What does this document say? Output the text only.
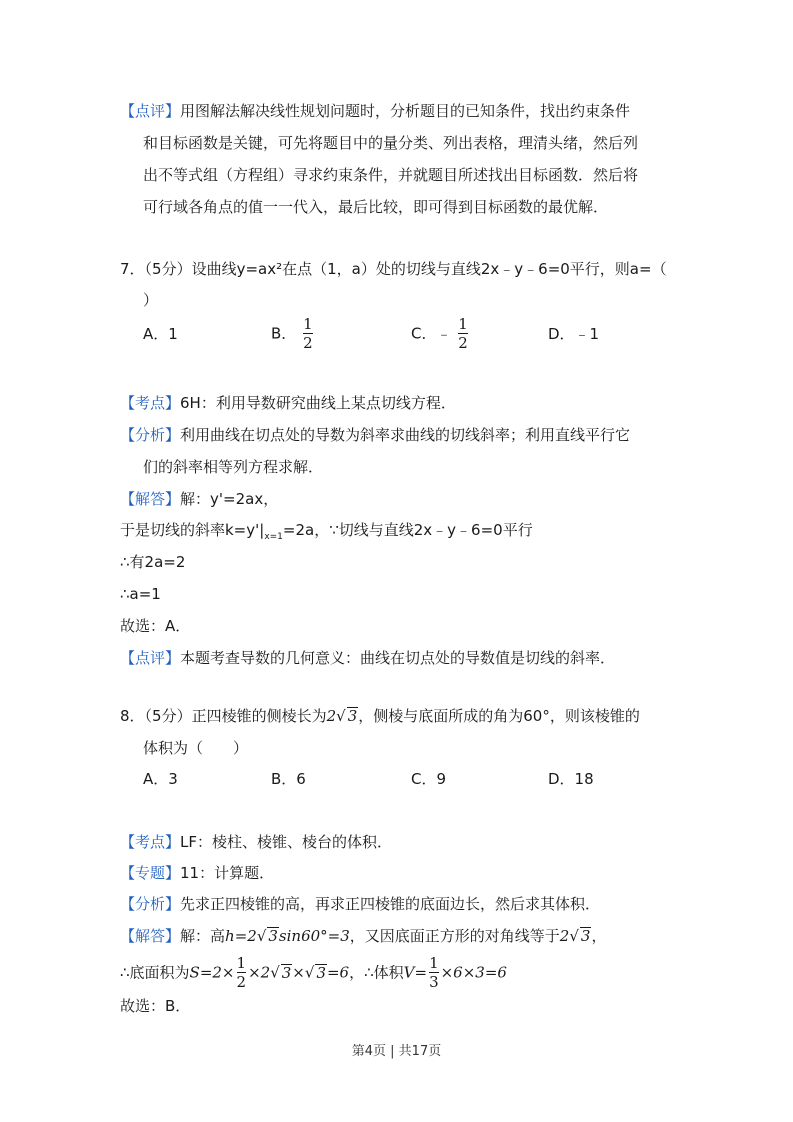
【点评】用图解法解决线性规划问题时，分析题目的已知条件，找出约束条件
和目标函数是关键，可先将题目中的量分类、列出表格，理清头绪，然后列
出不等式组（方程组）寻求约束条件，并就题目所述找出目标函数．然后将
可行域各角点的值一一代入，最后比较，即可得到目标函数的最优解．
7．（5分）设曲线y=ax²在点（1，a）处的切线与直线2x﹣y﹣6=0平行，则a=（
）
A．1	B． $\frac{1}{2}$	C．﹣ $\frac{1}{2}$	D．﹣1
【考点】6H：利用导数研究曲线上某点切线方程．
【分析】利用曲线在切点处的导数为斜率求曲线的切线斜率；利用直线平行它
们的斜率相等列方程求解．
【解答】解：y'=2ax，
于是切线的斜率$k=y'|_{x=1}=2a$，∵切线与直线2x﹣y﹣6=0平行
∴有2a=2
∴a=1
故选：A．
【点评】本题考查导数的几何意义：曲线在切点处的导数值是切线的斜率．
8．（5分）正四棱锥的侧棱长为2√ 3，侧棱与底面所成的角为60°，则该棱锥的
体积为（　　）
A．3	B．6	C．9	D．18
【考点】LF：棱柱、棱锥、棱台的体积．
【专题】11：计算题．
【分析】先求正四棱锥的高，再求正四棱锥的底面边长，然后求其体积．
【解答】解：高h=2√ 3sin60°=3，又因底面正方形的对角线等于2√ 3，
∴底面积为$S=2\times \frac{1}{2} \times 2√$ 3×√ 3=6，∴体积$V= \frac{1}{3} \times 6\times 3=6$
故选：B．
第4页 | 共17页
